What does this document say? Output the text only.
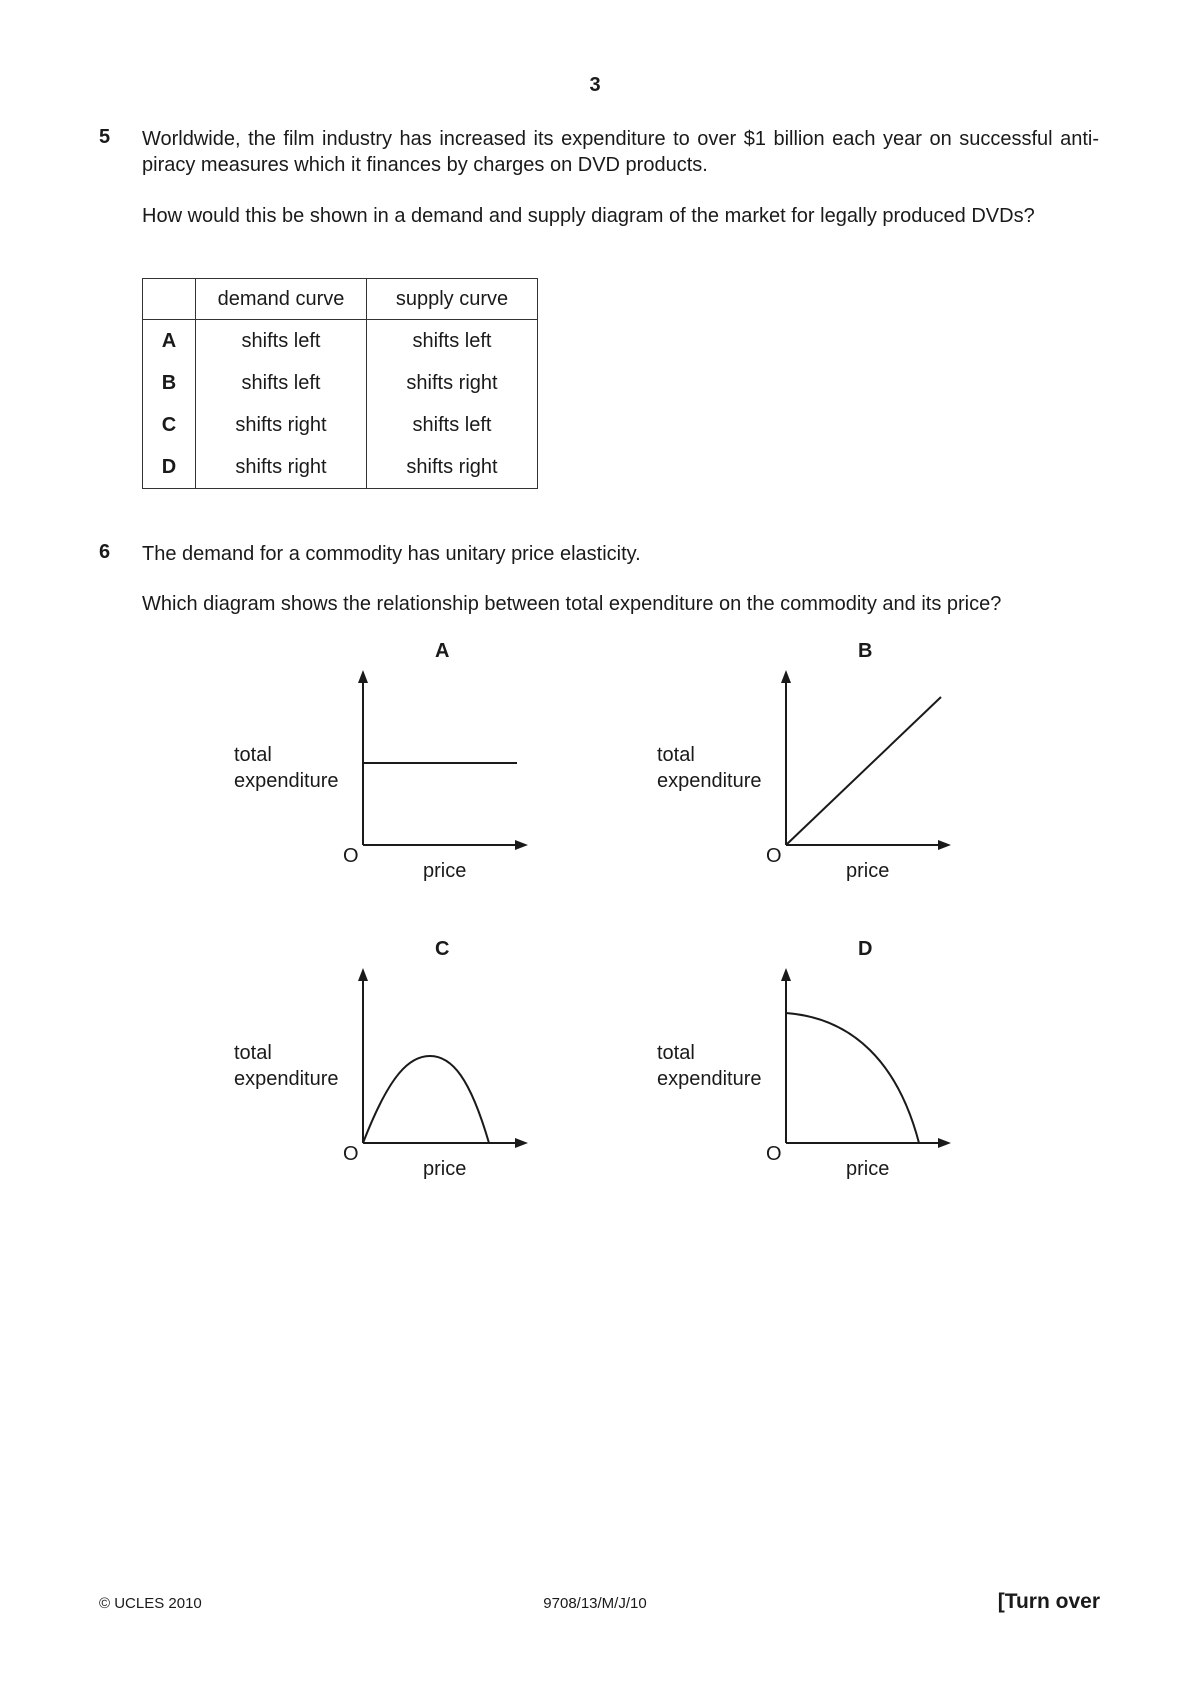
3
5 Worldwide, the film industry has increased its expenditure to over $1 billion each year on successful anti-piracy measures which it finances by charges on DVD products.
How would this be shown in a demand and supply diagram of the market for legally produced DVDs?
	demand curve	supply curve
A	shifts left	shifts left
B	shifts left	shifts right
C	shifts right	shifts left
D	shifts right	shifts right
6 The demand for a commodity has unitary price elasticity.
Which diagram shows the relationship between total expenditure on the commodity and its price?
A
total
expenditure
O
price
B
total
expenditure
O
price
C
total
expenditure
O
price
D
total
expenditure
O
price
© UCLES 2010	9708/13/M/J/10	[Turn over
